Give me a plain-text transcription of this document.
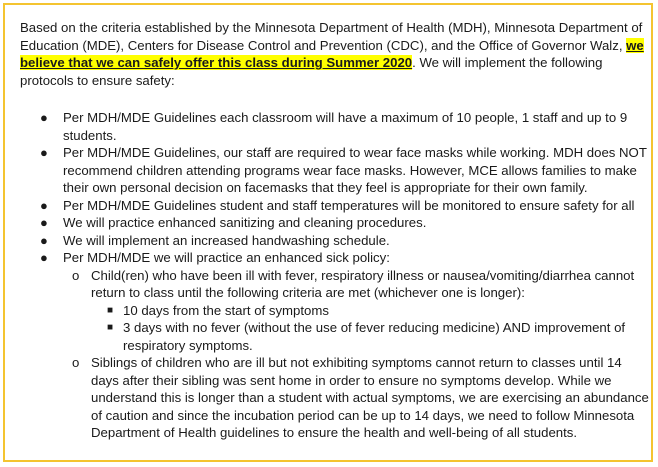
Based on the criteria established by the Minnesota Department of Health (MDH), Minnesota Department of Education (MDE), Centers for Disease Control and Prevention (CDC), and the Office of Governor Walz, we believe that we can safely offer this class during Summer 2020. We will implement the following protocols to ensure safety:

● Per MDH/MDE Guidelines each classroom will have a maximum of 10 people, 1 staff and up to 9 students.
● Per MDH/MDE Guidelines, our staff are required to wear face masks while working. MDH does NOT recommend children attending programs wear face masks. However, MCE allows families to make their own personal decision on facemasks that they feel is appropriate for their own family.
● Per MDH/MDE Guidelines student and staff temperatures will be monitored to ensure safety for all
● We will practice enhanced sanitizing and cleaning procedures.
● We will implement an increased handwashing schedule.
● Per MDH/MDE we will practice an enhanced sick policy:
o Child(ren) who have been ill with fever, respiratory illness or nausea/vomiting/diarrhea cannot return to class until the following criteria are met (whichever one is longer):
■ 10 days from the start of symptoms
■ 3 days with no fever (without the use of fever reducing medicine) AND improvement of respiratory symptoms.
o Siblings of children who are ill but not exhibiting symptoms cannot return to classes until 14 days after their sibling was sent home in order to ensure no symptoms develop. While we understand this is longer than a student with actual symptoms, we are exercising an abundance of caution and since the incubation period can be up to 14 days, we need to follow Minnesota Department of Health guidelines to ensure the health and well-being of all students.
